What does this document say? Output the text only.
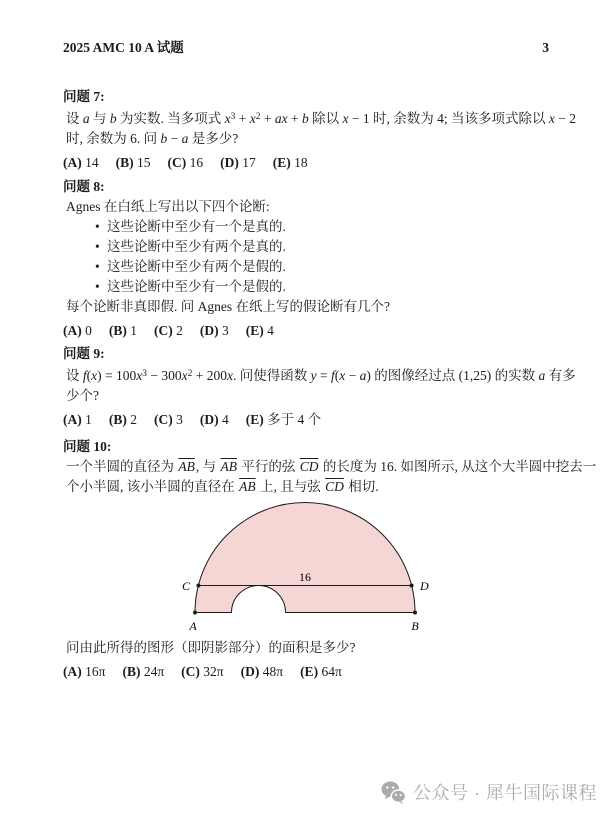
2025 AMC 10 A 试题	3
问题 7:
设 a 与 b 为实数. 当多项式 $x^3 + x^2$ + ax + b 除以 x − 1 时, 余数为 4; 当该多项式除以 x − 2
时, 余数为 6. 问 b − a 是多少?
(A) 14 (B) 15 (C) 16 (D) 17 (E) 18
问题 8:
Agnes 在白纸上写出以下四个论断:
• 这些论断中至少有一个是真的.
• 这些论断中至少有两个是真的.
• 这些论断中至少有两个是假的.
• 这些论断中至少有一个是假的.
每个论断非真即假. 问 Agnes 在纸上写的假论断有几个?
(A) 0 (B) 1 (C) 2 (D) 3 (E) 4
问题 9:
设 $f(x) = 100x^3 - 300x^2 + 200x$. 问使得函数 y = f(x − a) 的图像经过点 (1,25) 的实数 a 有多
少个?
(A) 1 (B) 2 (C) 3 (D) 4 (E) 多于 4 个
问题 10:
一个半圆的直径为 $\overline{AB}$, 与 $\overline{AB}$ 平行的弦 $\overline{CD}$ 的长度为 16. 如图所示, 从这个大半圆中挖去一
个小半圆, 该小半圆的直径在 $\overline{AB}$ 上, 且与弦 $\overline{CD}$ 相切.
C	D
A	B
16
问由此所得的图形（即阴影部分）的面积是多少?
(A) 16π (B) 24π (C) 32π (D) 48π (E) 64π
公众号 · 犀牛国际课程
